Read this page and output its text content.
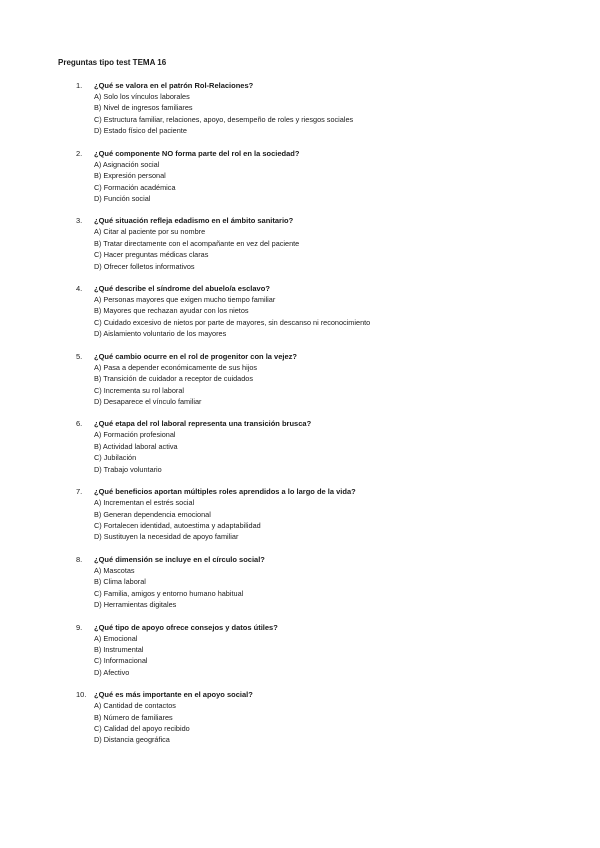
Preguntas tipo test TEMA 16
1. ¿Qué se valora en el patrón Rol-Relaciones?
A) Solo los vínculos laborales
B) Nivel de ingresos familiares
C) Estructura familiar, relaciones, apoyo, desempeño de roles y riesgos sociales
D) Estado físico del paciente
2. ¿Qué componente NO forma parte del rol en la sociedad?
A) Asignación social
B) Expresión personal
C) Formación académica
D) Función social
3. ¿Qué situación refleja edadismo en el ámbito sanitario?
A) Citar al paciente por su nombre
B) Tratar directamente con el acompañante en vez del paciente
C) Hacer preguntas médicas claras
D) Ofrecer folletos informativos
4. ¿Qué describe el síndrome del abuelo/a esclavo?
A) Personas mayores que exigen mucho tiempo familiar
B) Mayores que rechazan ayudar con los nietos
C) Cuidado excesivo de nietos por parte de mayores, sin descanso ni reconocimiento
D) Aislamiento voluntario de los mayores
5. ¿Qué cambio ocurre en el rol de progenitor con la vejez?
A) Pasa a depender económicamente de sus hijos
B) Transición de cuidador a receptor de cuidados
C) Incrementa su rol laboral
D) Desaparece el vínculo familiar
6. ¿Qué etapa del rol laboral representa una transición brusca?
A) Formación profesional
B) Actividad laboral activa
C) Jubilación
D) Trabajo voluntario
7. ¿Qué beneficios aportan múltiples roles aprendidos a lo largo de la vida?
A) Incrementan el estrés social
B) Generan dependencia emocional
C) Fortalecen identidad, autoestima y adaptabilidad
D) Sustituyen la necesidad de apoyo familiar
8. ¿Qué dimensión se incluye en el círculo social?
A) Mascotas
B) Clima laboral
C) Familia, amigos y entorno humano habitual
D) Herramientas digitales
9. ¿Qué tipo de apoyo ofrece consejos y datos útiles?
A) Emocional
B) Instrumental
C) Informacional
D) Afectivo
10. ¿Qué es más importante en el apoyo social?
A) Cantidad de contactos
B) Número de familiares
C) Calidad del apoyo recibido
D) Distancia geográfica
